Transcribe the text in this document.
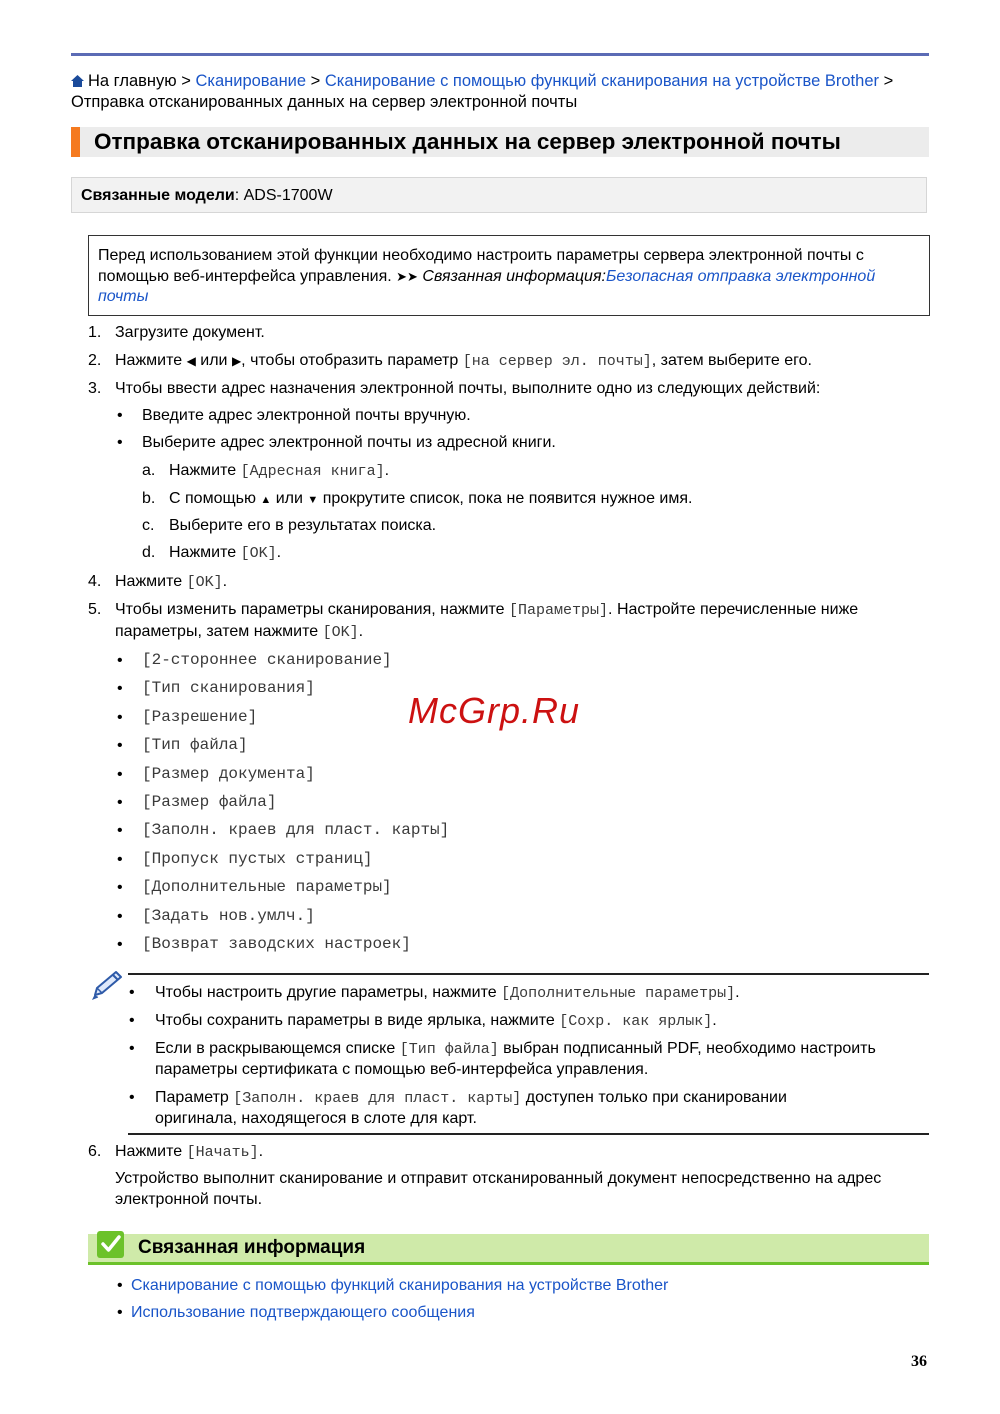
На главную > Сканирование > Сканирование с помощью функций сканирования на устройстве Brother > Отправка отсканированных данных на сервер электронной почты
Отправка отсканированных данных на сервер электронной почты
Связанные модели: ADS-1700W
Перед использованием этой функции необходимо настроить параметры сервера электронной почты с помощью веб-интерфейса управления. ➤➤ Связанная информация:Безопасная отправка электронной почты
1. Загрузите документ.
2. Нажмите ◀ или ▶, чтобы отобразить параметр [на сервер эл. почты], затем выберите его.
3. Чтобы ввести адрес назначения электронной почты, выполните одно из следующих действий:
• Введите адрес электронной почты вручную.
• Выберите адрес электронной почты из адресной книги.
a. Нажмите [Адресная книга].
b. С помощью ▲ или ▼ прокрутите список, пока не появится нужное имя.
c. Выберите его в результатах поиска.
d. Нажмите [OK].
4. Нажмите [OK].
5. Чтобы изменить параметры сканирования, нажмите [Параметры]. Настройте перечисленные ниже
параметры, затем нажмите [OK].
• [2-стороннее сканирование]
• [Тип сканирования]
• [Разрешение]
• [Тип файла]
• [Размер документа]
• [Размер файла]
• [Заполн. краев для пласт. карты]
• [Пропуск пустых страниц]
• [Дополнительные параметры]
• [Задать нов.умлч.]
• [Возврат заводских настроек]
• Чтобы настроить другие параметры, нажмите [Дополнительные параметры].
• Чтобы сохранить параметры в виде ярлыка, нажмите [Сохр. как ярлык].
• Если в раскрывающемся списке [Тип файла] выбран подписанный PDF, необходимо настроить
параметры сертификата с помощью веб-интерфейса управления.
• Параметр [Заполн. краев для пласт. карты] доступен только при сканировании
оригинала, находящегося в слоте для карт.
6. Нажмите [Начать].
Устройство выполнит сканирование и отправит отсканированный документ непосредственно на адрес электронной почты.
Связанная информация
• Сканирование с помощью функций сканирования на устройстве Brother
• Использование подтверждающего сообщения
McGrp.Ru
36
